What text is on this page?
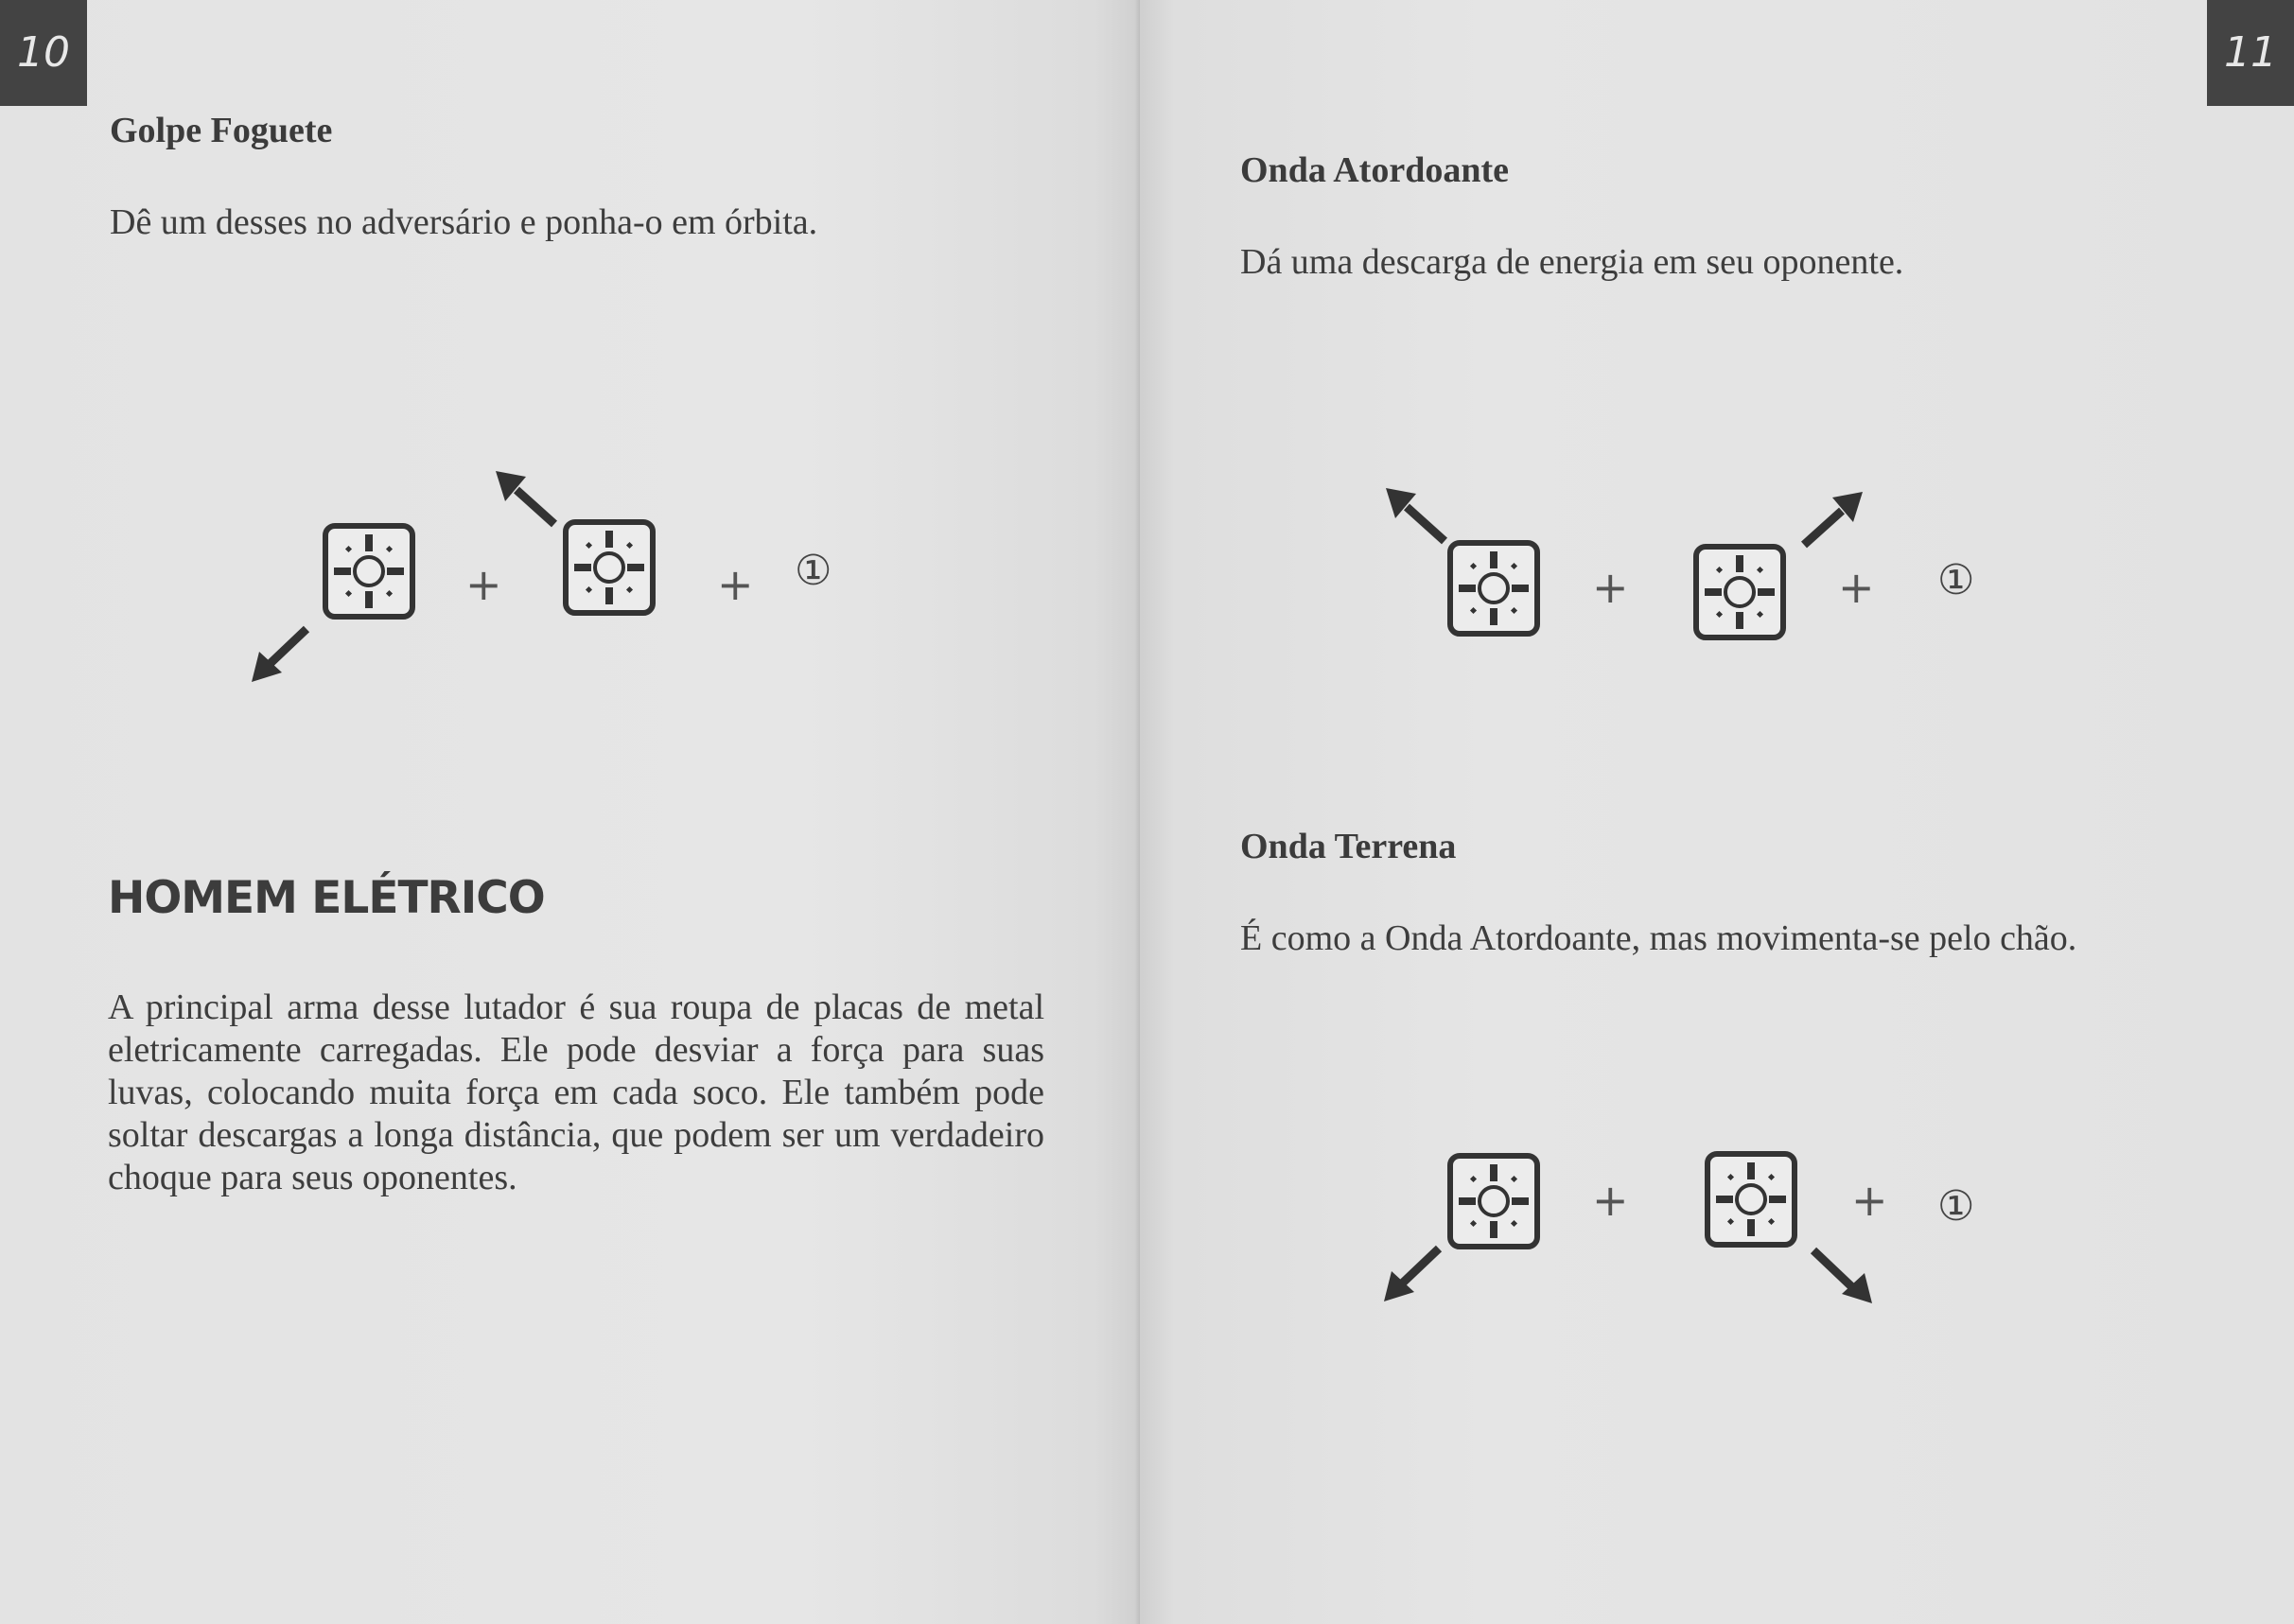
10
Golpe Foguete

Dê um desses no adversário e ponha-o em órbita.

+	+ ①
HOMEM ELÉTRICO

A principal arma desse lutador é sua roupa de placas de metal eletricamente carregadas. Ele pode desviar a força para suas luvas, colocando muita força em cada soco. Ele também pode soltar descargas a longa distância, que podem ser um verdadeiro choque para seus oponentes.

11
Onda Atordoante

Dá uma descarga de energia em seu oponente.

+	+ ①
Onda Terrena

É como a Onda Atordoante, mas movimenta-se pelo chão.

+	+ ①
